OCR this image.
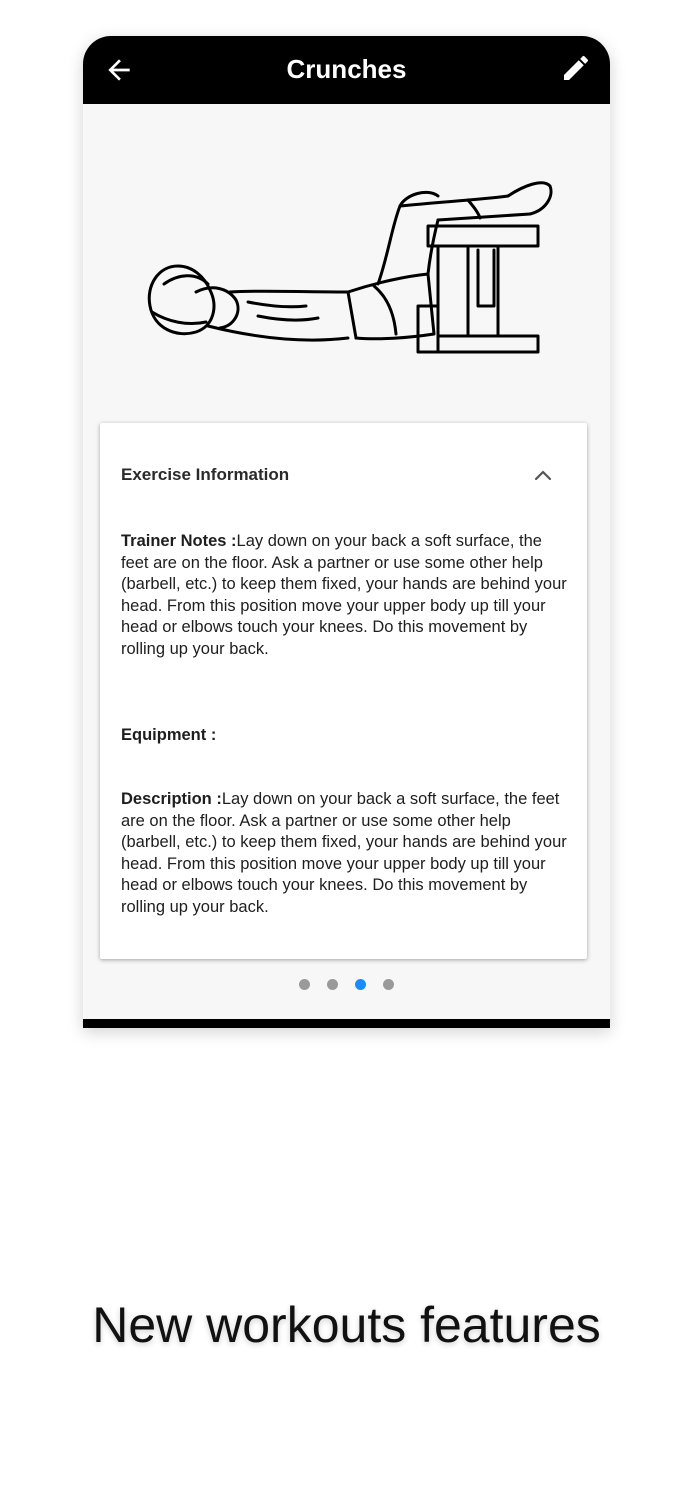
Crunches
Exercise Information
Trainer Notes :Lay down on your back a soft surface, the feet are on the floor. Ask a partner or use some other help (barbell, etc.) to keep them fixed, your hands are behind your head. From this position move your upper body up till your head or elbows touch your knees. Do this movement by rolling up your back.
Equipment :
Description :Lay down on your back a soft surface, the feet are on the floor. Ask a partner or use some other help (barbell, etc.) to keep them fixed, your hands are behind your head. From this position move your upper body up till your head or elbows touch your knees. Do this movement by rolling up your back.

New workouts features
